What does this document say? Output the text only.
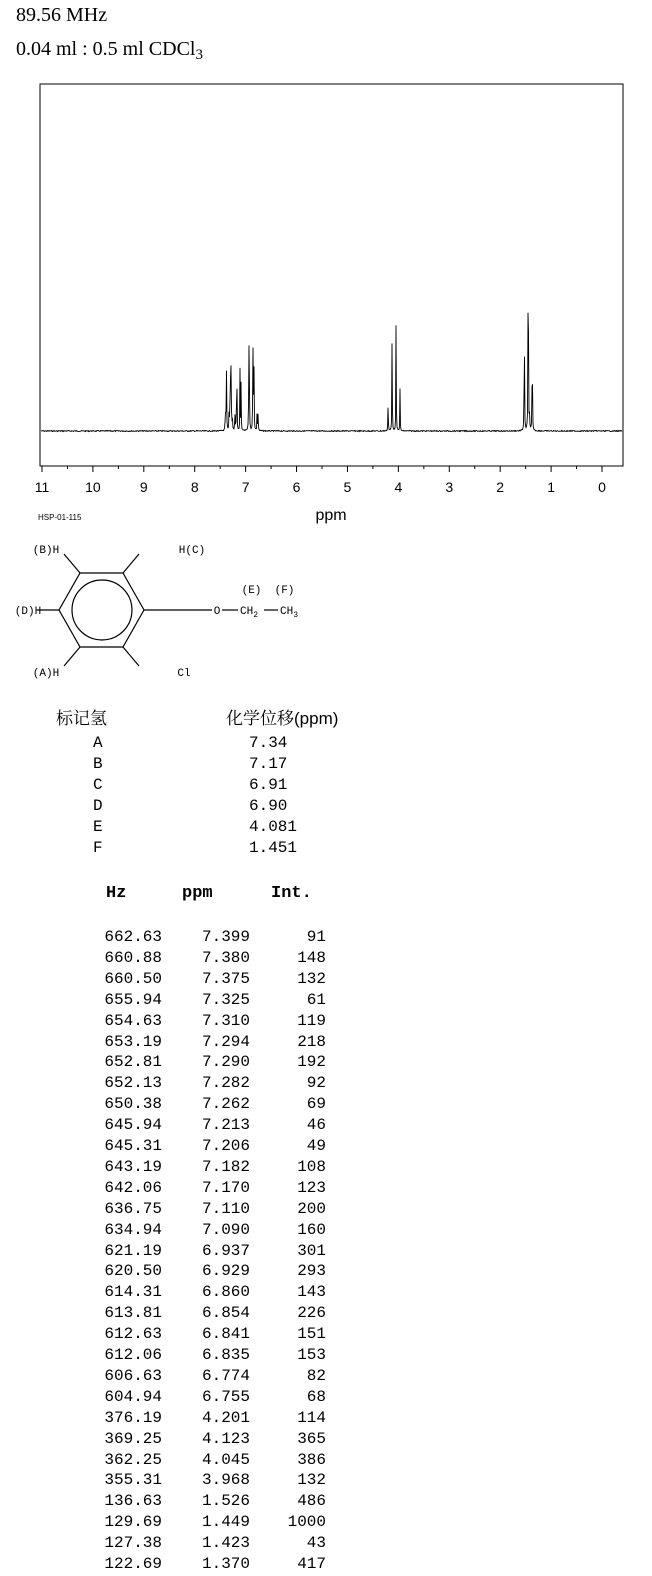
89.56 MHz
0.04 ml : 0.5 ml CDCl$_3$
11	10	9	8	7	6	5	4	3	2	1	0
ppm
HSP-01-115
(B)H	H(C)
(D)H
(A)H	Cl
(E)  (F)
O $CH_2$ $CH_3$
标记氢	化学位移(ppm)
A	7.34
B	7.17
C	6.91
D	6.90
E	4.081
F	1.451
Hz	ppm	Int.
662.63	7.399	91
660.88	7.380	148
660.50	7.375	132
655.94	7.325	61
654.63	7.310	119
653.19	7.294	218
652.81	7.290	192
652.13	7.282	92
650.38	7.262	69
645.94	7.213	46
645.31	7.206	49
643.19	7.182	108
642.06	7.170	123
636.75	7.110	200
634.94	7.090	160
621.19	6.937	301
620.50	6.929	293
614.31	6.860	143
613.81	6.854	226
612.63	6.841	151
612.06	6.835	153
606.63	6.774	82
604.94	6.755	68
376.19	4.201	114
369.25	4.123	365
362.25	4.045	386
355.31	3.968	132
136.63	1.526	486
129.69	1.449	1000
127.38	1.423	43
122.69	1.370	417
